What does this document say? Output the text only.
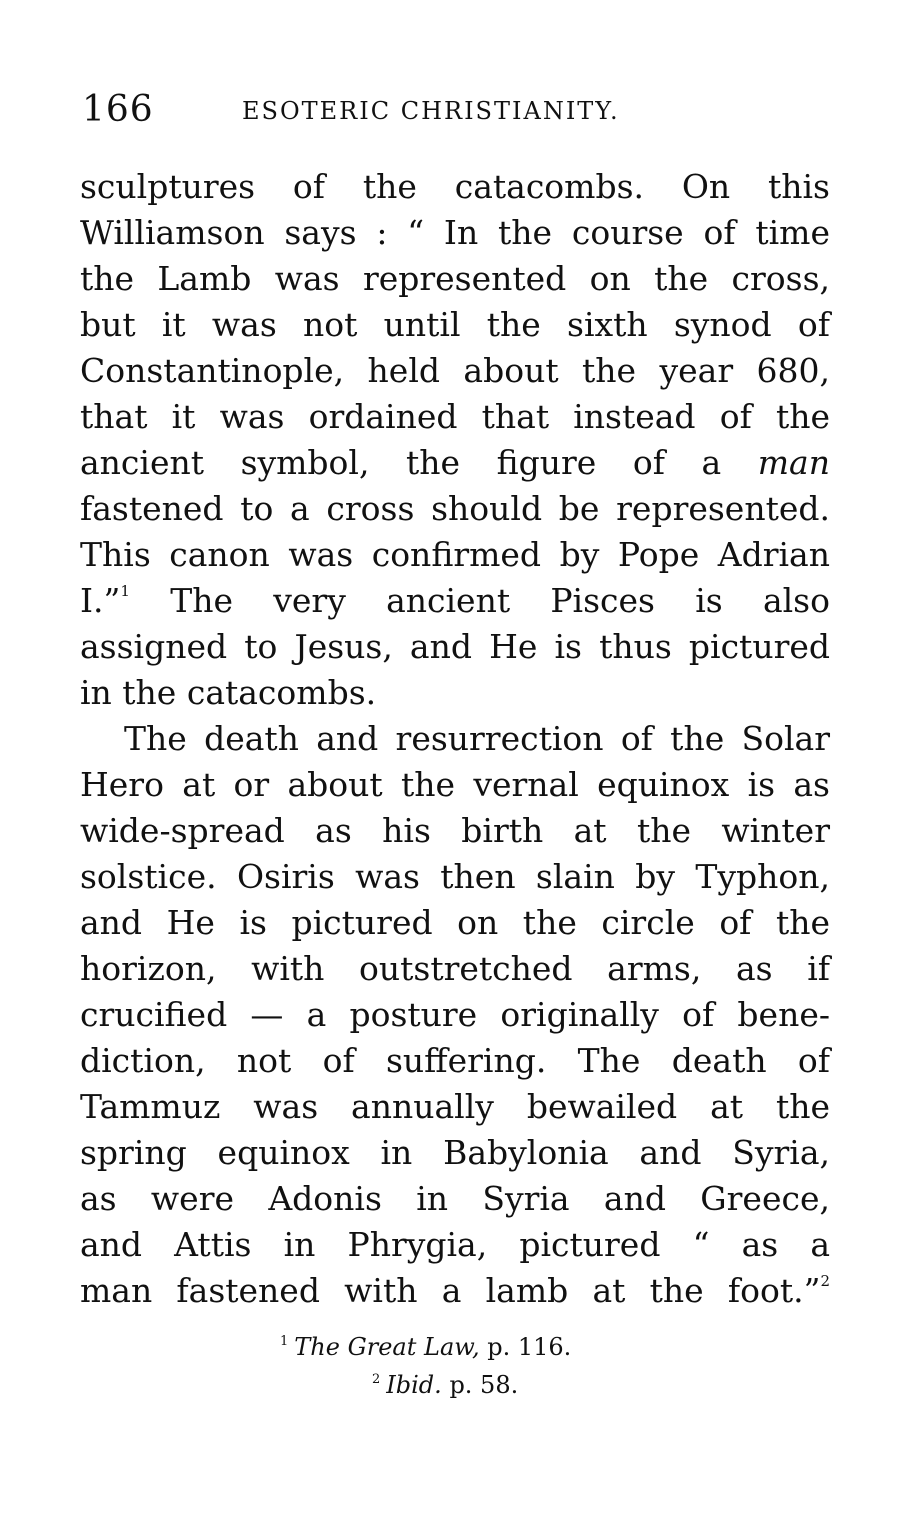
166	ESOTERIC CHRISTIANITY.
sculptures of the catacombs. On this
Williamson says : “ In the course of time
the Lamb was represented on the cross,
but it was not until the sixth synod of
Constantinople, held about the year 680,
that it was ordained that instead of the
ancient symbol, the figure of a man
fastened to a cross should be represented.
This canon was confirmed by Pope Adrian
I.”$^1$ The very ancient Pisces is also
assigned to Jesus, and He is thus pictured
in the catacombs.
The death and resurrection of the Solar
Hero at or about the vernal equinox is as
wide-spread as his birth at the winter
solstice. Osiris was then slain by Typhon,
and He is pictured on the circle of the
horizon, with outstretched arms, as if
crucified — a posture originally of bene-
diction, not of suffering. The death of
Tammuz was annually bewailed at the
spring equinox in Babylonia and Syria,
as were Adonis in Syria and Greece,
and Attis in Phrygia, pictured “ as a
man fastened with a lamb at the foot.”$^2$
$^1$ The Great Law, p. 116.
$^2$ Ibid. p. 58.
